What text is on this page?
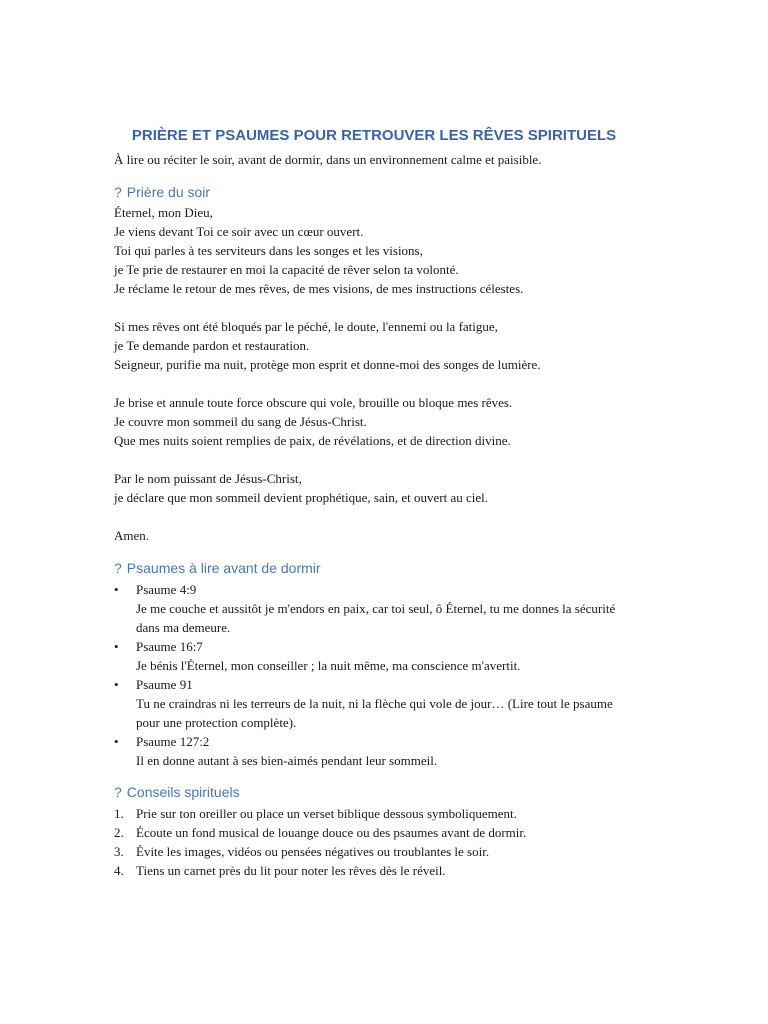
PRIÈRE ET PSAUMES POUR RETROUVER LES RÊVES SPIRITUELS

À lire ou réciter le soir, avant de dormir, dans un environnement calme et paisible.

? Prière du soir

Éternel, mon Dieu,
Je viens devant Toi ce soir avec un cœur ouvert.
Toi qui parles à tes serviteurs dans les songes et les visions,
je Te prie de restaurer en moi la capacité de rêver selon ta volonté.
Je réclame le retour de mes rêves, de mes visions, de mes instructions célestes.

Si mes rêves ont été bloqués par le péché, le doute, l'ennemi ou la fatigue,
je Te demande pardon et restauration.
Seigneur, purifie ma nuit, protège mon esprit et donne-moi des songes de lumière.

Je brise et annule toute force obscure qui vole, brouille ou bloque mes rêves.
Je couvre mon sommeil du sang de Jésus-Christ.
Que mes nuits soient remplies de paix, de révélations, et de direction divine.

Par le nom puissant de Jésus-Christ,
je déclare que mon sommeil devient prophétique, sain, et ouvert au ciel.

Amen.

? Psaumes à lire avant de dormir
• Psaume 4:9
Je me couche et aussitôt je m'endors en paix, car toi seul, ô Éternel, tu me donnes la sécurité dans ma demeure.
• Psaume 16:7
Je bénis l'Éternel, mon conseiller ; la nuit même, ma conscience m'avertit.
• Psaume 91
Tu ne craindras ni les terreurs de la nuit, ni la flèche qui vole de jour… (Lire tout le psaume pour une protection complète).
• Psaume 127:2
Il en donne autant à ses bien-aimés pendant leur sommeil.
? Conseils spirituels
1. Prie sur ton oreiller ou place un verset biblique dessous symboliquement.
2. Écoute un fond musical de louange douce ou des psaumes avant de dormir.
3. Évite les images, vidéos ou pensées négatives ou troublantes le soir.
4. Tiens un carnet près du lit pour noter les rêves dès le réveil.
